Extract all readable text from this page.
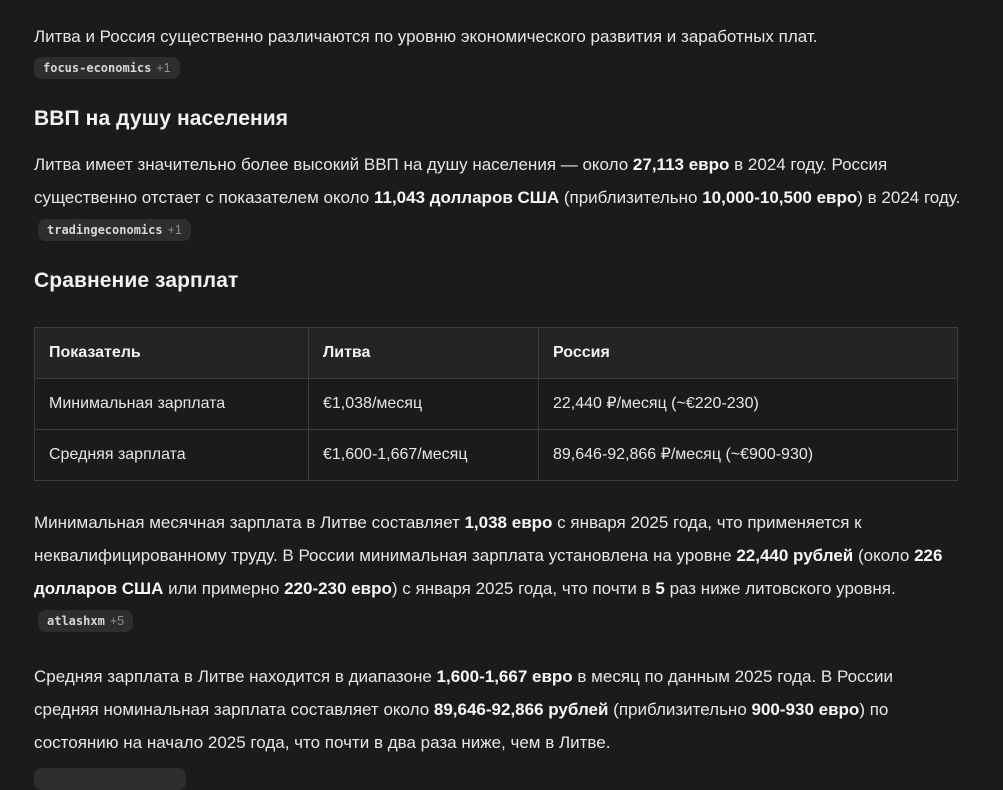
Литва и Россия существенно различаются по уровню экономического развития и заработных плат.

focus-economics +1
ВВП на душу населения

Литва имеет значительно более высокий ВВП на душу населения — около 27,113 евро в 2024 году. Россия существенно отстает с показателем около 11,043 долларов США (приблизительно 10,000-10,500 евро) в 2024 году.
tradingeconomics +1

Сравнение зарплат
Показатель	Литва	Россия
Минимальная зарплата	€1,038/месяц	22,440 ₽/месяц (~€220-230)
Средняя зарплата	€1,600-1,667/месяц	89,646-92,866 ₽/месяц (~€900-930)

Минимальная месячная зарплата в Литве составляет 1,038 евро с января 2025 года, что применяется к неквалифицированному труду. В России минимальная зарплата установлена на уровне 22,440 рублей (около 226 долларов США или примерно 220-230 евро) с января 2025 года, что почти в 5 раз ниже литовского уровня.
atlashxm +5

Средняя зарплата в Литве находится в диапазоне 1,600-1,667 евро в месяц по данным 2025 года. В России средняя номинальная зарплата составляет около 89,646-92,866 рублей (приблизительно 900-930 евро) по состоянию на начало 2025 года, что почти в два раза ниже, чем в Литве.
